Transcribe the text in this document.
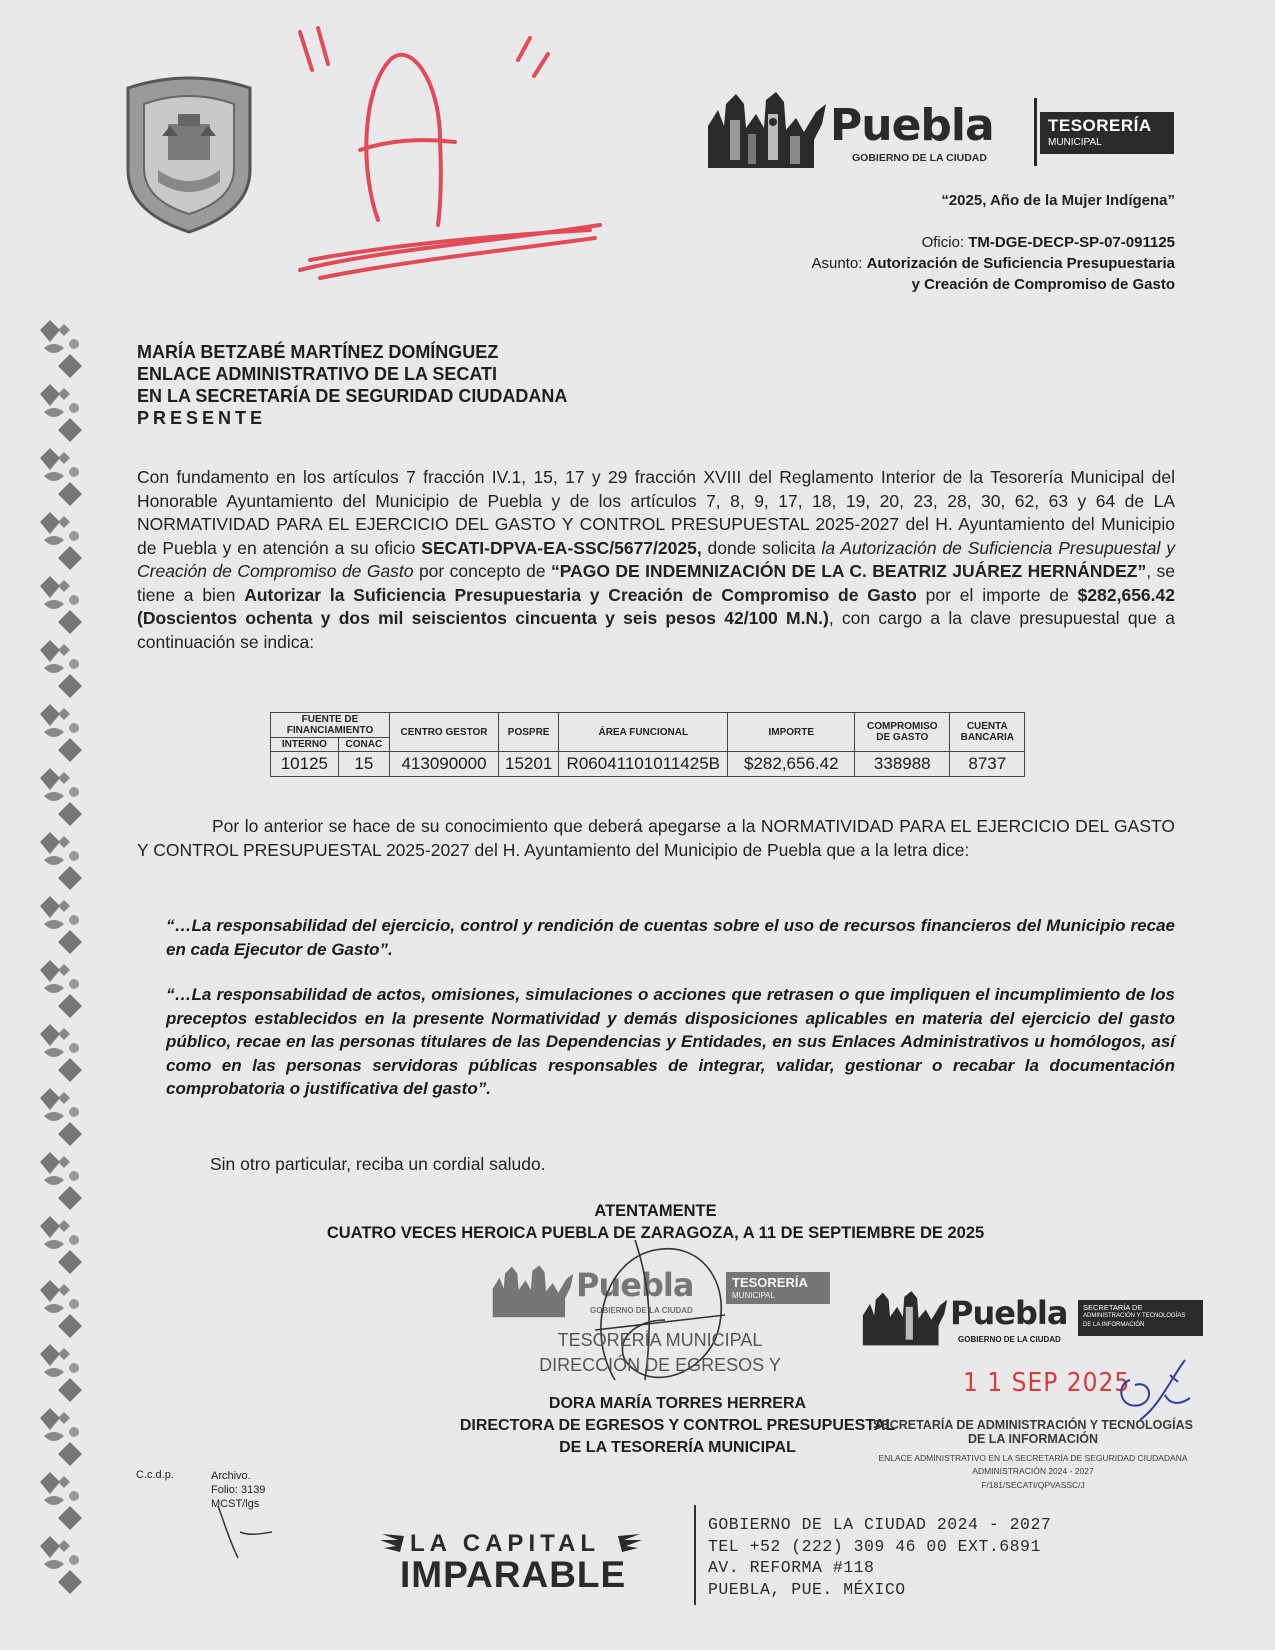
“A”
Puebla
GOBIERNO DE LA CIUDAD
TESORERÍA
MUNICIPAL
“2025, Año de la Mujer Indígena”
Oficio: TM-DGE-DECP-SP-07-091125
Asunto: Autorización de Suficiencia Presupuestaria
y Creación de Compromiso de Gasto
MARÍA BETZABÉ MARTÍNEZ DOMÍNGUEZ
ENLACE ADMINISTRATIVO DE LA SECATI
EN LA SECRETARÍA DE SEGURIDAD CIUDADANA
PRESENTE
Con fundamento en los artículos 7 fracción IV.1, 15, 17 y 29 fracción XVIII del Reglamento Interior de la Tesorería Municipal del Honorable Ayuntamiento del Municipio de Puebla y de los artículos 7, 8, 9, 17, 18, 19, 20, 23, 28, 30, 62, 63 y 64 de LA NORMATIVIDAD PARA EL EJERCICIO DEL GASTO Y CONTROL PRESUPUESTAL 2025-2027 del H. Ayuntamiento del Municipio de Puebla y en atención a su oficio SECATI-DPVA-EA-SSC/5677/2025, donde solicita la Autorización de Suficiencia Presupuestal y Creación de Compromiso de Gasto por concepto de “PAGO DE INDEMNIZACIÓN DE LA C. BEATRIZ JUÁREZ HERNÁNDEZ”, se tiene a bien Autorizar la Suficiencia Presupuestaria y Creación de Compromiso de Gasto por el importe de $282,656.42 (Doscientos ochenta y dos mil seiscientos cincuenta y seis pesos 42/100 M.N.), con cargo a la clave presupuestal que a continuación se indica:
FUENTE DE FINANCIAMIENTO		CENTRO GESTOR	POSPRE	ÁREA FUNCIONAL	IMPORTE	COMPROMISO DE GASTO	CUENTA BANCARIA
INTERNO	CONAC						
10125	15	413090000	15201	R06041101011425B	$282,656.42	338988	8737
Por lo anterior se hace de su conocimiento que deberá apegarse a la NORMATIVIDAD PARA EL EJERCICIO DEL GASTO Y CONTROL PRESUPUESTAL 2025-2027 del H. Ayuntamiento del Municipio de Puebla que a la letra dice:
“…La responsabilidad del ejercicio, control y rendición de cuentas sobre el uso de recursos financieros del Municipio recae en cada Ejecutor de Gasto”.
“…La responsabilidad de actos, omisiones, simulaciones o acciones que retrasen o que impliquen el incumplimiento de los preceptos establecidos en la presente Normatividad y demás disposiciones aplicables en materia del ejercicio del gasto público, recae en las personas titulares de las Dependencias y Entidades, en sus Enlaces Administrativos u homólogos, así como en las personas servidoras públicas responsables de integrar, validar, gestionar o recabar la documentación comprobatoria o justificativa del gasto”.
Sin otro particular, reciba un cordial saludo.
ATENTAMENTE
CUATRO VECES HEROICA PUEBLA DE ZARAGOZA, A 11 DE SEPTIEMBRE DE 2025
Puebla
GOBIERNO DE LA CIUDAD
TESORERÍA
MUNICIPAL
TESORERÍA MUNICIPAL
DIRECCIÓN DE EGRESOS Y
DORA MARÍA TORRES HERRERA
DIRECTORA DE EGRESOS Y CONTROL PRESUPUESTAL
DE LA TESORERÍA MUNICIPAL
Puebla
GOBIERNO DE LA CIUDAD
SECRETARÍA DE
ADMINISTRACIÓN Y TECNOLOGÍAS
DE LA INFORMACIÓN
1 1 SEP 2025
SECRETARÍA DE ADMINISTRACIÓN Y TECNOLOGÍAS
DE LA INFORMACIÓN
ENLACE ADMINISTRATIVO EN LA SECRETARÍA DE SEGURIDAD CIUDADANA
ADMINISTRACIÓN 2024 - 2027
F/181/SECATI/QPVASSC/J
C.c.d.p.	Archivo.
Folio: 3139
MCST/lgs
LA CAPITAL
IMPARABLE
GOBIERNO DE LA CIUDAD 2024 - 2027
TEL +52 (222) 309 46 00 EXT.6891
AV. REFORMA #118
PUEBLA, PUE. MÉXICO
